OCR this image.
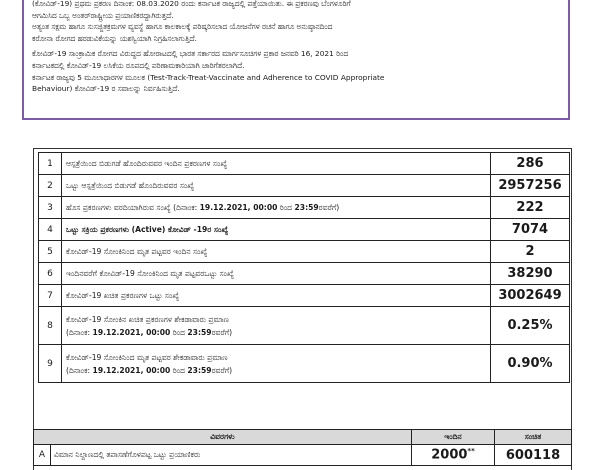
(ಕೋವಿಡ್-19) ಪ್ರಥಮ ಪ್ರಕರಣ ದಿನಾಂಕ: 08.03.2020 ರಂದು ಕರ್ನಾಟಕ ರಾಜ್ಯದಲ್ಲಿ ಪತ್ತೆಯಾಯಿತು. ಈ ಪ್ರಕರಣವು ಬೆಂಗಳೂರಿಗೆ

ಆಗಮಿಸಿದ ಒಬ್ಬ ಅಂತರ್‌ರಾಷ್ಟ್ರೀಯ ಪ್ರಯಾಣಿಕರದ್ದಾಗಿರುತ್ತದೆ.

ಅತ್ಯಂತ ಸಕ್ಷಮ ಹಾಗೂ ಸುಸಜ್ಜಿತಕ್ರಮಗಳ ವ್ಯವಸ್ಥೆ ಹಾಗೂ ಕಾಲಕಾಲಕ್ಕೆ ಪರಿಷ್ಕರಿಸಲಾದ ಯೋಜನೆಗಳ ರಚನೆ ಹಾಗೂ ಅನುಷ್ಠಾನದಿಂದ

ಕರೋನಾ ರೋಗದ ಹರಡುವಿಕೆಯನ್ನು ಯಶಸ್ವಿಯಾಗಿ ನಿಗ್ರಹಿಸಲಾಗುತ್ತಿದೆ.

ಕೋವಿಡ್-19 ಸಾಂಕ್ರಾಮಿಕ ರೋಗದ ವಿರುದ್ಧದ ಹೋರಾಟದಲ್ಲಿ ಭಾರತ ಸರ್ಕಾರದ ಮಾರ್ಗಸೂಚಿಗಳ ಪ್ರಕಾರ ಜನವರಿ 16, 2021 ರಿಂದ

ಕರ್ನಾಟಕದಲ್ಲಿ ಕೋವಿಡ್-19 ಲಸಿಕೆಯ ರೂಪದಲ್ಲಿ ಪರಿಣಾಮಕಾರಿಯಾಗಿ ಜಾರಿಗೆತರಲಾಗಿದೆ.

ಕರ್ನಾಟಕ ರಾಜ್ಯವು 5 ಮೂಲಾಧಾರಗಳ ಮೂಲಕ (Test-Track-Treat-Vaccinate and Adherence to COVID Appropriate

Behaviour) ಕೋವಿಡ್-19 ರ ಸವಾಲನ್ನು ನಿರ್ವಹಿಸುತ್ತಿದೆ.

1	ಆಸ್ಪತ್ರೆಯಿಂದ ಬಿಡುಗಡೆ ಹೊಂದಿರುವವರ ಇಂದಿನ ಪ್ರಕರಣಗಳ ಸಂಖ್ಯೆ	286
2	ಒಟ್ಟು ಆಸ್ಪತ್ರೆಯಿಂದ ಬಿಡುಗಡೆ ಹೊಂದಿರುವವರ ಸಂಖ್ಯೆ	2957256
3	ಹೊಸ ಪ್ರಕರಣಗಳು ವರದಿಯಾಗಿರುವ ಸಂಖ್ಯೆ (ದಿನಾಂಕ: 19.12.2021, 00:00 ರಿಂದ 23:59ರವರೆಗೆ)	222
4	ಒಟ್ಟು ಸಕ್ರಿಯ ಪ್ರಕರಣಗಳು (Active) ಕೋವಿಡ್ -19ರ ಸಂಖ್ಯೆ	7074
5	ಕೋವಿಡ್-19 ಸೋಂಕಿನಿಂದ ಮೃತ ಪಟ್ಟವರ ಇಂದಿನ ಸಂಖ್ಯೆ	2
6	ಇಂದಿನವರೆಗೆ ಕೋವಿಡ್-19 ಸೋಂಕಿನಿಂದ ಮೃತ ಪಟ್ಟವರಒಟ್ಟು ಸಂಖ್ಯೆ	38290
7	ಕೋವಿಡ್-19 ಖಚಿತ ಪ್ರಕರಣಗಳ ಒಟ್ಟು ಸಂಖ್ಯೆ	3002649
8	ಕೋವಿಡ್-19 ಸೋಂಕಿನ ಖಚಿತ ಪ್ರಕರಣಗಳ ಶೇಕಡಾವಾರು ಪ್ರಮಾಣ
(ದಿನಾಂಕ: 19.12.2021, 00:00 ರಿಂದ 23:59ರವರೆಗೆ)	0.25%
9	ಕೋವಿಡ್-19 ಸೋಂಕಿನಿಂದ ಮೃತ ಪಟ್ಟವರ ಶೇಕಡಾವಾರು ಪ್ರಮಾಣ
(ದಿನಾಂಕ: 19.12.2021, 00:00 ರಿಂದ 23:59ರವರೆಗೆ)	0.90%
ವಿವರಗಳು		ಇಂದಿನ	ಸಂಚಿತ
A	ವಿಮಾನ ನಿಲ್ದಾಣದಲ್ಲಿ ತಪಾಸಣೆಗೊಳಪಟ್ಟ ಒಟ್ಟು ಪ್ರಯಾಣಿಕರು	2000**	600118
